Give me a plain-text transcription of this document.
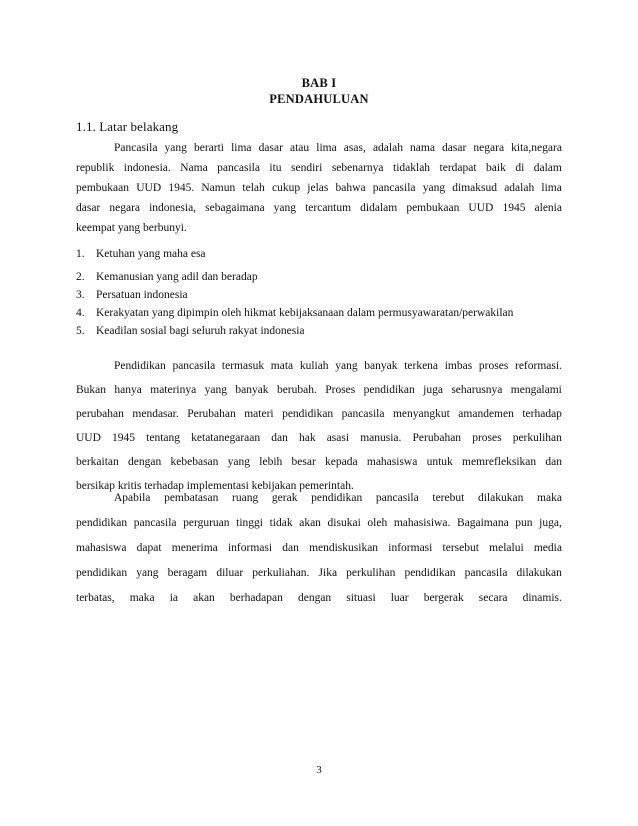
BAB I
PENDAHULUAN
1.1. Latar belakang
Pancasila yang berarti lima dasar atau lima asas, adalah nama dasar negara kita,negara
republik indonesia. Nama pancasila itu sendiri sebenarnya tidaklah terdapat baik di dalam
pembukaan UUD 1945. Namun telah cukup jelas bahwa pancasila yang dimaksud adalah lima
dasar negara indonesia, sebagaimana yang tercantum didalam pembukaan UUD 1945 alenia
keempat yang berbunyi.
1. Ketuhan yang maha esa
2. Kemanusian yang adil dan beradap
3. Persatuan indonesia
4. Kerakyatan yang dipimpin oleh hikmat kebijaksanaan dalam permusyawaratan/perwakilan
5. Keadilan sosial bagi seluruh rakyat indonesia
Pendidikan pancasila termasuk mata kuliah yang banyak terkena imbas proses reformasi.
Bukan hanya materinya yang banyak berubah. Proses pendidikan juga seharusnya mengalami
perubahan mendasar. Perubahan materi pendidikan pancasila menyangkut amandemen terhadap
UUD 1945 tentang ketatanegaraan dan hak asasi manusia. Perubahan proses perkulihan
berkaitan dengan kebebasan yang lebih besar kepada mahasiswa untuk memrefleksikan dan
bersikap kritis terhadap implementasi kebijakan pemerintah.
Apabila pembatasan ruang gerak pendidikan pancasila terebut dilakukan maka
pendidikan pancasila perguruan tinggi tidak akan disukai oleh mahasisiwa. Bagaimana pun juga,
mahasiswa dapat menerima informasi dan mendiskusikan informasi tersebut melalui media
pendidikan yang beragam diluar perkuliahan. Jika perkulihan pendidikan pancasila dilakukan
terbatas, maka ia akan berhadapan dengan situasi luar bergerak secara dinamis.
3
